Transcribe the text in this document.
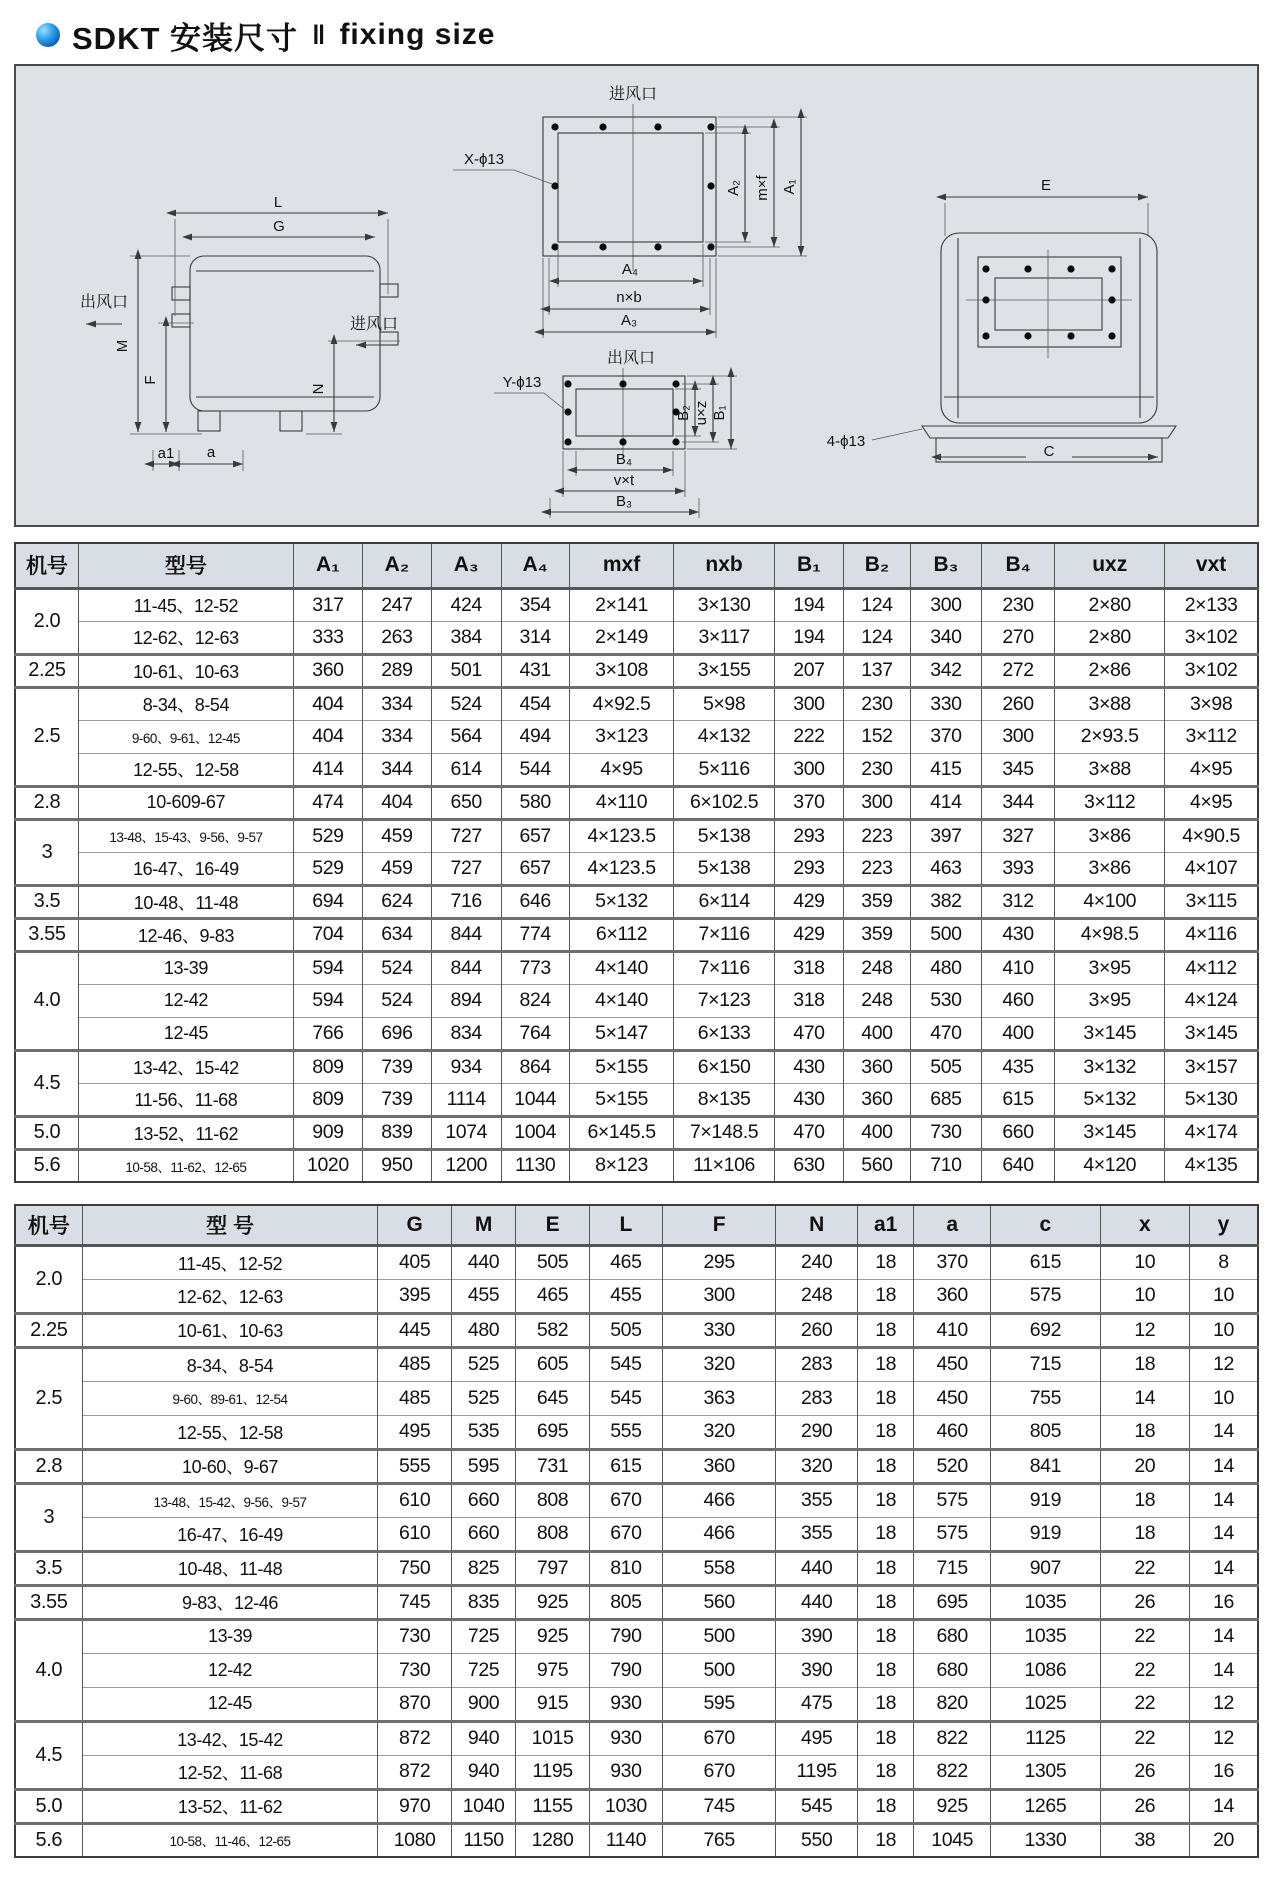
SDKT 安装尺寸 ‖ fixing size
L
G
M
F
N
出风口
进风口
a1 a
进风口
X-ϕ13
A₄
n×b
A₃
A₂ m×f A₁
出风口
Y-ϕ13
B₂ u×z B₁
B₄
v×t
B₃
E
C
4-ϕ13
机号	型号	A₁	A₂	A₃	A₄	mxf	nxb	B₁	B₂	B₃	B₄	uxz	vxt
2.0	11-45、12-52	317	247	424	354	2×141	3×130	194	124	300	230	2×80	2×133
	12-62、12-63	333	263	384	314	2×149	3×117	194	124	340	270	2×80	3×102
2.25	10-61、10-63	360	289	501	431	3×108	3×155	207	137	342	272	2×86	3×102
2.5	8-34、8-54	404	334	524	454	4×92.5	5×98	300	230	330	260	3×88	3×98
	9-60、9-61、12-45	404	334	564	494	3×123	4×132	222	152	370	300	2×93.5	3×112
	12-55、12-58	414	344	614	544	4×95	5×116	300	230	415	345	3×88	4×95
2.8	10-609-67	474	404	650	580	4×110	6×102.5	370	300	414	344	3×112	4×95
3	13-48、15-43、9-56、9-57	529	459	727	657	4×123.5	5×138	293	223	397	327	3×86	4×90.5
	16-47、16-49	529	459	727	657	4×123.5	5×138	293	223	463	393	3×86	4×107
3.5	10-48、11-48	694	624	716	646	5×132	6×114	429	359	382	312	4×100	3×115
3.55	12-46、9-83	704	634	844	774	6×112	7×116	429	359	500	430	4×98.5	4×116
4.0	13-39	594	524	844	773	4×140	7×116	318	248	480	410	3×95	4×112
	12-42	594	524	894	824	4×140	7×123	318	248	530	460	3×95	4×124
	12-45	766	696	834	764	5×147	6×133	470	400	470	400	3×145	3×145
4.5	13-42、15-42	809	739	934	864	5×155	6×150	430	360	505	435	3×132	3×157
	11-56、11-68	809	739	1114	1044	5×155	8×135	430	360	685	615	5×132	5×130
5.0	13-52、11-62	909	839	1074	1004	6×145.5	7×148.5	470	400	730	660	3×145	4×174
5.6	10-58、11-62、12-65	1020	950	1200	1130	8×123	11×106	630	560	710	640	4×120	4×135
机号	型 号	G	M	E	L	F	N	a1	a	c	x	y
2.0	11-45、12-52	405	440	505	465	295	240	18	370	615	10	8
	12-62、12-63	395	455	465	455	300	248	18	360	575	10	10
2.25	10-61、10-63	445	480	582	505	330	260	18	410	692	12	10
2.5	8-34、8-54	485	525	605	545	320	283	18	450	715	18	12
	9-60、89-61、12-54	485	525	645	545	363	283	18	450	755	14	10
	12-55、12-58	495	535	695	555	320	290	18	460	805	18	14
2.8	10-60、9-67	555	595	731	615	360	320	18	520	841	20	14
3	13-48、15-42、9-56、9-57	610	660	808	670	466	355	18	575	919	18	14
	16-47、16-49	610	660	808	670	466	355	18	575	919	18	14
3.5	10-48、11-48	750	825	797	810	558	440	18	715	907	22	14
3.55	9-83、12-46	745	835	925	805	560	440	18	695	1035	26	16
4.0	13-39	730	725	925	790	500	390	18	680	1035	22	14
	12-42	730	725	975	790	500	390	18	680	1086	22	14
	12-45	870	900	915	930	595	475	18	820	1025	22	12
4.5	13-42、15-42	872	940	1015	930	670	495	18	822	1125	22	12
	12-52、11-68	872	940	1195	930	670	1195	18	822	1305	26	16
5.0	13-52、11-62	970	1040	1155	1030	745	545	18	925	1265	26	14
5.6	10-58、11-46、12-65	1080	1150	1280	1140	765	550	18	1045	1330	38	20
